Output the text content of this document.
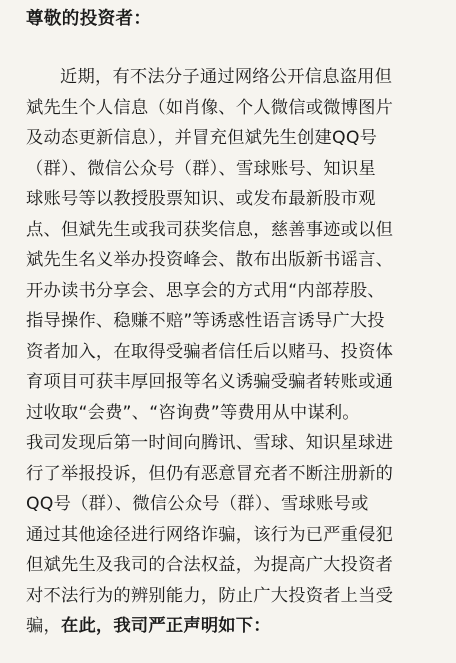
尊敬的投资者：

近期，有不法分子通过网络公开信息盗用但
斌先生个人信息（如肖像、个人微信或微博图片
及动态更新信息），并冒充但斌先生创建QQ号
（群）、微信公众号（群）、雪球账号、知识星
球账号等以教授股票知识、或发布最新股市观
点、但斌先生或我司获奖信息，慈善事迹或以但
斌先生名义举办投资峰会、散布出版新书谣言、
开办读书分享会、思享会的方式用“内部荐股、
指导操作、稳赚不赔”等诱惑性语言诱导广大投
资者加入，在取得受骗者信任后以赌马、投资体
育项目可获丰厚回报等名义诱骗受骗者转账或通
过收取“会费”、“咨询费”等费用从中谋利。
我司发现后第一时间向腾讯、雪球、知识星球进
行了举报投诉，但仍有恶意冒充者不断注册新的
QQ号（群）、微信公众号（群）、雪球账号或
通过其他途径进行网络诈骗，该行为已严重侵犯
但斌先生及我司的合法权益，为提高广大投资者
对不法行为的辨别能力，防止广大投资者上当受
骗，在此，我司严正声明如下：
